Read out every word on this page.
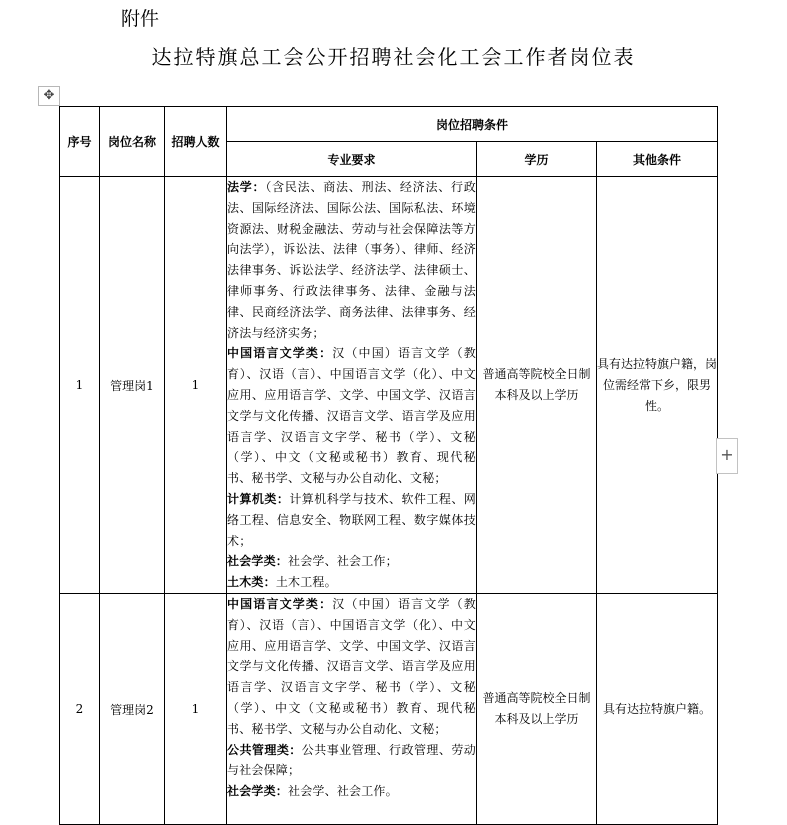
附件
达拉特旗总工会公开招聘社会化工会工作者岗位表
✥
序号	岗位名称	招聘人数	岗位招聘条件		
			专业要求	学历	其他条件
1	管理岗1	1	法学：（含民法、商法、刑法、经济法、行政法、国际经济法、国际公法、国际私法、环境资源法、财税金融法、劳动与社会保障法等方向法学），诉讼法、法律（事务）、律师、经济法律事务、诉讼法学、经济法学、法律硕士、律师事务、行政法律事务、法律、金融与法律、民商经济法学、商务法律、法律事务、经济法与经济实务；
中国语言文学类：汉（中国）语言文学（教育）、汉语（言）、中国语言文学（化）、中文应用、应用语言学、文学、中国文学、汉语言文学与文化传播、汉语言文学、语言学及应用语言学、汉语言文字学、秘书（学）、文秘（学）、中文（文秘或秘书）教育、现代秘书、秘书学、文秘与办公自动化、文秘；
计算机类：计算机科学与技术、软件工程、网络工程、信息安全、物联网工程、数字媒体技术；
社会学类：社会学、社会工作；
土木类：土木工程。	普通高等院校全日制本科及以上学历	具有达拉特旗户籍，岗位需经常下乡，限男性。
2	管理岗2	1	中国语言文学类：汉（中国）语言文学（教育）、汉语（言）、中国语言文学（化）、中文应用、应用语言学、文学、中国文学、汉语言文学与文化传播、汉语言文学、语言学及应用语言学、汉语言文字学、秘书（学）、文秘（学）、中文（文秘或秘书）教育、现代秘书、秘书学、文秘与办公自动化、文秘；
公共管理类：公共事业管理、行政管理、劳动与社会保障；
社会学类：社会学、社会工作。	普通高等院校全日制本科及以上学历	具有达拉特旗户籍。
+
